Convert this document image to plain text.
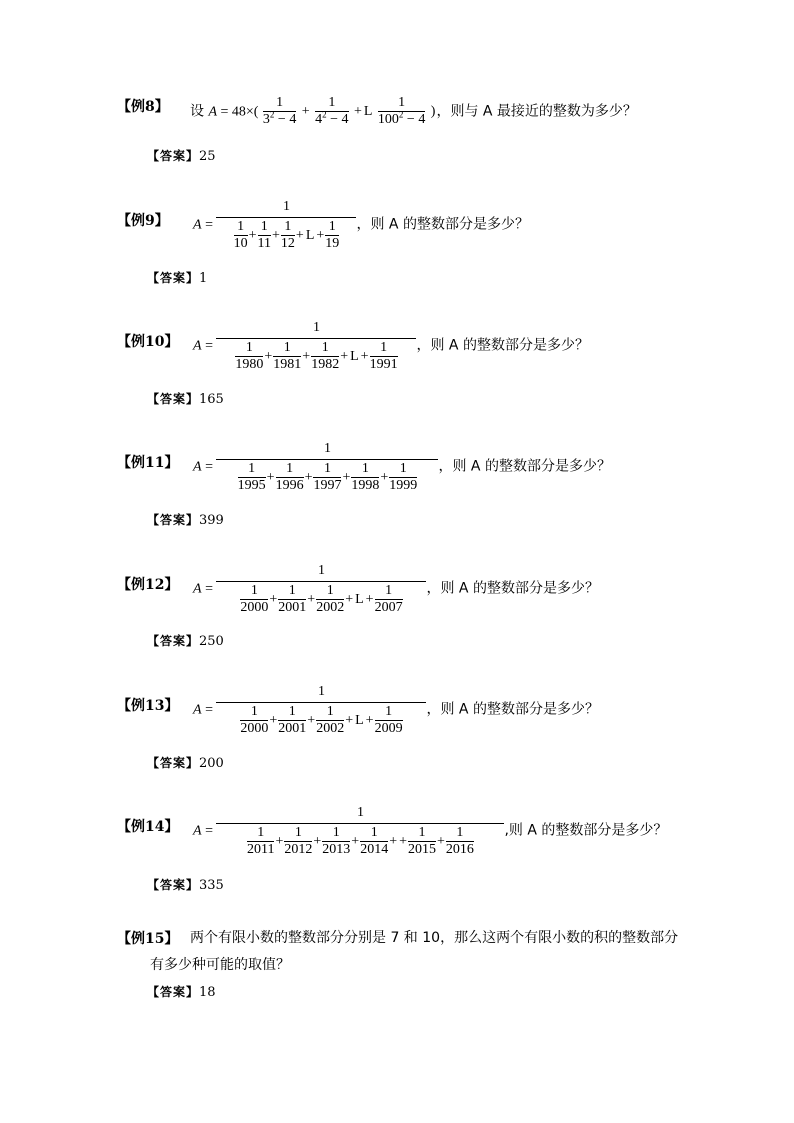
【例8】 设 $A = 48\times( \frac{1}{3^2 - 4} + \frac{1}{4^2 - 4} + L \frac{1}{100^2 - 4}$ )，则与 A 最接近的整数为多少？
【答案】25
【例9】 $A = \frac{1}{\frac{1}{10} + \frac{1}{11} + \frac{1}{12} + L + \frac{1}{19}}$ ，则 A 的整数部分是多少？
【答案】1
【例10】 $A = \frac{1}{\frac{1}{1980} + \frac{1}{1981} + \frac{1}{1982} + L + \frac{1}{1991}}$ ，则 A 的整数部分是多少？
【答案】165
【例11】 $A = \frac{1}{\frac{1}{1995} + \frac{1}{1996} + \frac{1}{1997} + \frac{1}{1998} + \frac{1}{1999}}$ ，则 A 的整数部分是多少？
【答案】399
【例12】 $A = \frac{1}{\frac{1}{2000} + \frac{1}{2001} + \frac{1}{2002} + L + \frac{1}{2007}}$ ，则 A 的整数部分是多少？
【答案】250
【例13】 $A = \frac{1}{\frac{1}{2000} + \frac{1}{2001} + \frac{1}{2002} + L + \frac{1}{2009}}$ ，则 A 的整数部分是多少？
【答案】200
【例14】 $A = \frac{1}{\frac{1}{2011} + \frac{1}{2012} + \frac{1}{2013} + \frac{1}{2014} + + \frac{1}{2015} + \frac{1}{2016}}$ ,则 A 的整数部分是多少？
【答案】335
【例15】 两个有限小数的整数部分分别是 7 和 10，那么这两个有限小数的积的整数部分
有多少种可能的取值？
【答案】18
